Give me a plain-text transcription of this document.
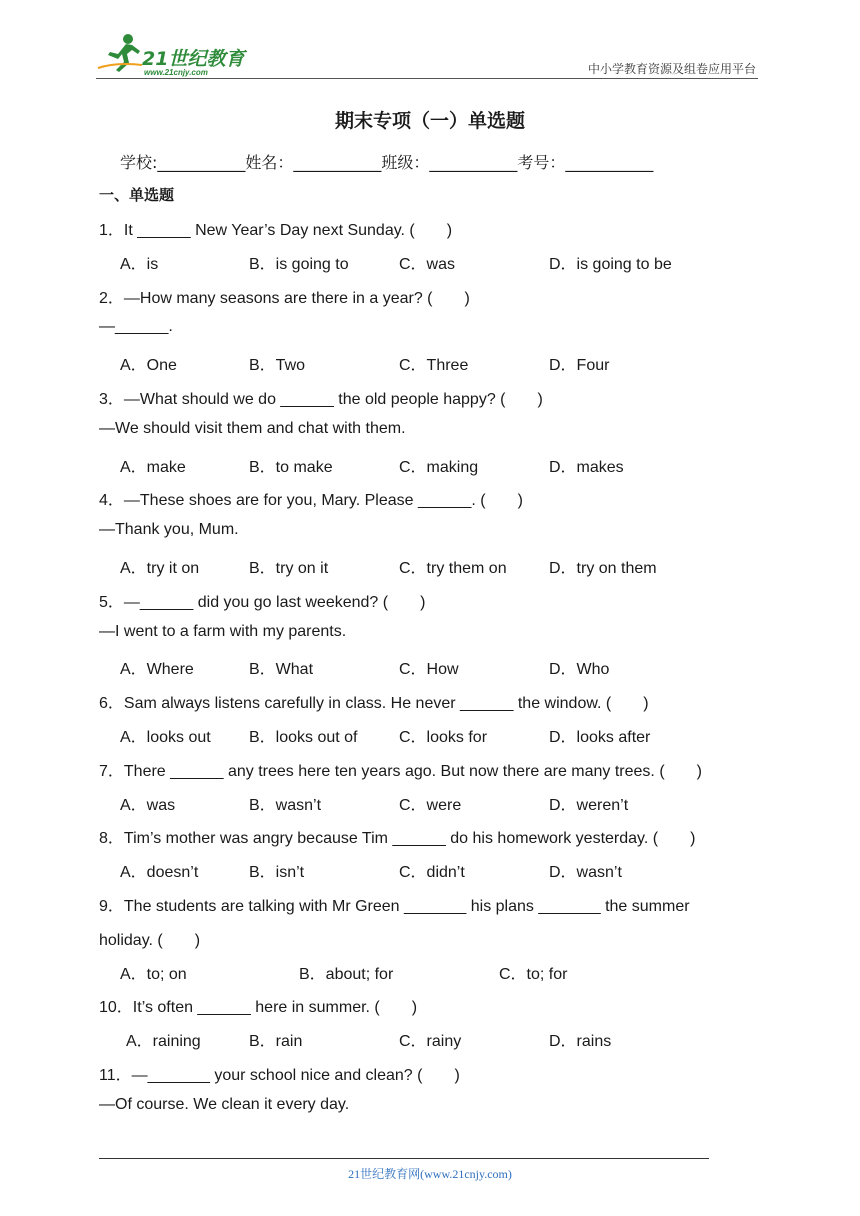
21世纪教育
www.21cnjy.com	中小学教育资源及组卷应用平台
期末专项（一）单选题
学校:___________姓名：___________班级：___________考号：___________
一、单选题
1．It ______ New Year’s Day next Sunday. (　　)
A．is	B．is going to	C．was	D．is going to be
2．—How many seasons are there in a year? (　　)
—______.
A．One	B．Two	C．Three	D．Four
3．—What should we do ______ the old people happy? (　　)
—We should visit them and chat with them.
A．make	B．to make	C．making	D．makes
4．—These shoes are for you, Mary. Please ______. (　　)
—Thank you, Mum.
A．try it on	B．try on it	C．try them on	D．try on them
5．—______ did you go last weekend? (　　)
—I went to a farm with my parents.
A．Where	B．What	C．How	D．Who
6．Sam always listens carefully in class. He never ______ the window. (　　)
A．looks out B．looks out of	C．looks for	D．looks after
7．There ______ any trees here ten years ago. But now there are many trees. (　　)
A．was	B．wasn’t	C．were	D．weren’t
8．Tim’s mother was angry because Tim ______ do his homework yesterday. (　　)
A．doesn’t	B．isn’t	C．didn’t	D．wasn’t
9．The students are talking with Mr Green _______ his plans _______ the summer
holiday. (　　)
A．to; on	B．about; for	C．to; for
10．It’s often ______ here in summer. (　　)
A．raining	B．rain	C．rainy	D．rains
11．—_______ your school nice and clean? (　　)
—Of course. We clean it every day.
21世纪教育网(www.21cnjy.com)
